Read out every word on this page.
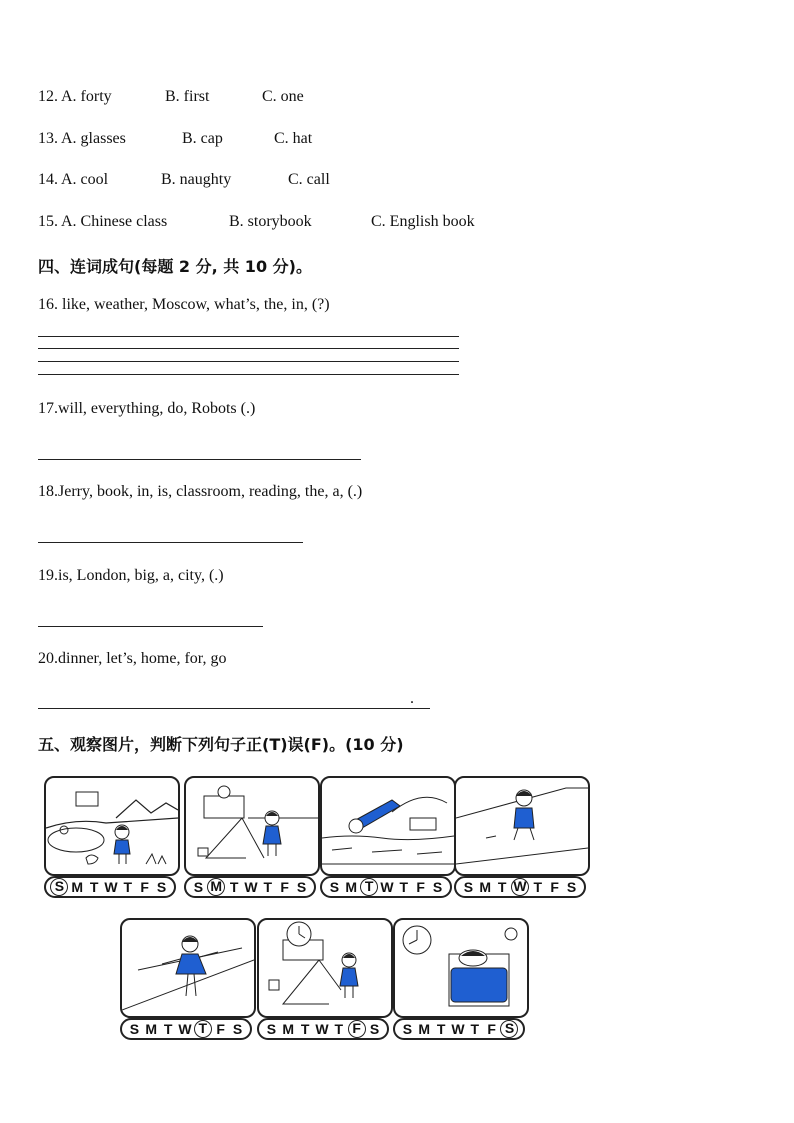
12. A. forty	B. first	C. one
13. A. glasses	B. cap	C. hat
14. A. cool	B. naughty	C. call
15. A. Chinese class	B. storybook	C. English book
四、连词成句(每题 2 分, 共 10 分)。
16. like, weather, Moscow, what’s, the, in, (?)
17.will, everything, do, Robots (.)
18.Jerry, book, in, is, classroom, reading, the, a, (.)
19.is, London, big, a, city, (.)
20.dinner, let’s, home, for, go
.
五、观察图片，判断下列句子正(T)误(F)。(10 分)
S M T W T F S S M T W T F S S M T W T F S S M T W T F S
S M T W T F S S M T W T F S S M T W T F S
